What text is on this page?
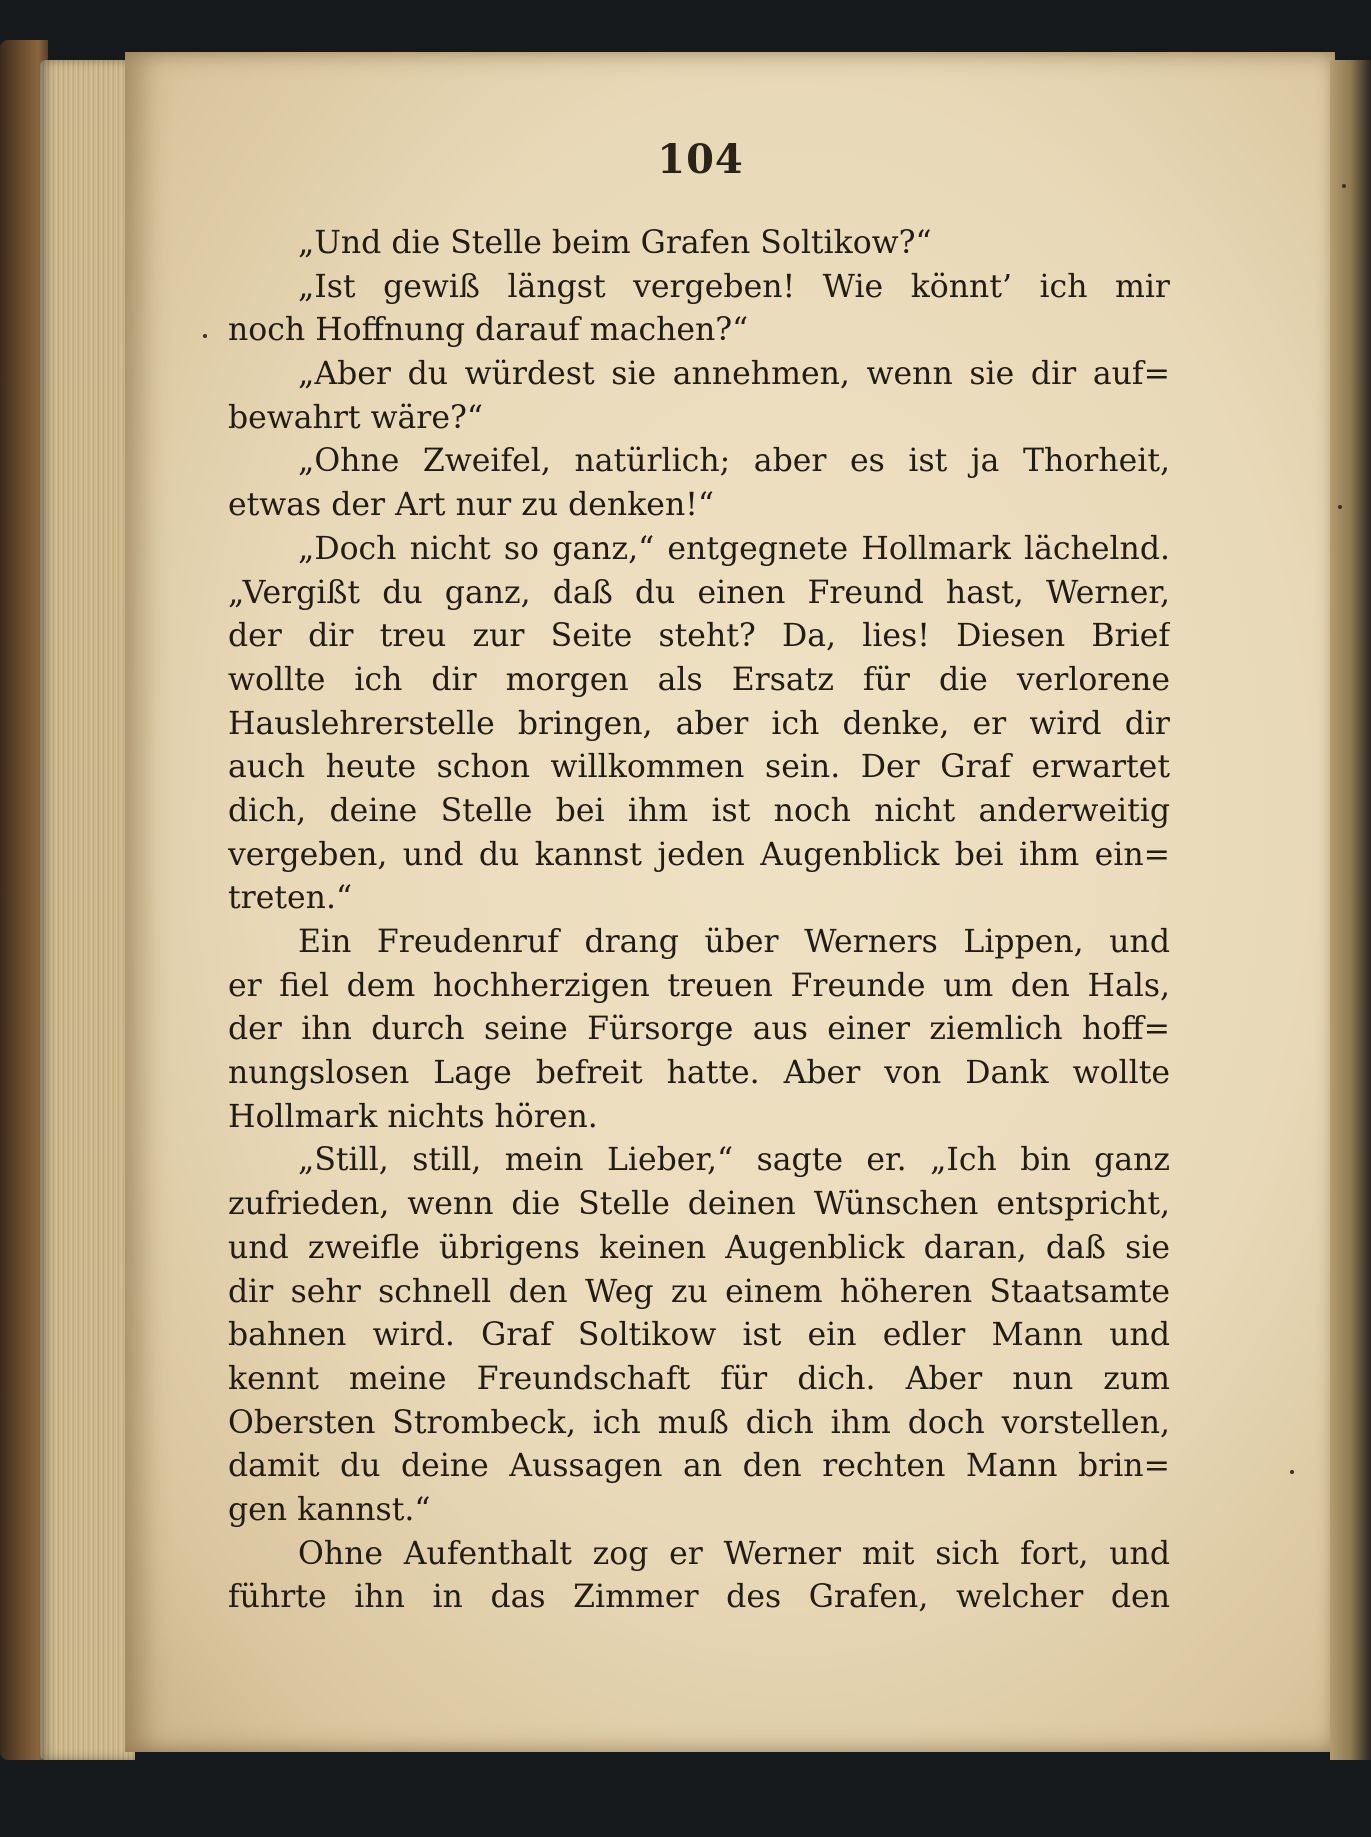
104
„Und die Stelle beim Grafen Soltikow?“
„Ist gewiß längst vergeben! Wie könnt’ ich mir
noch Hoffnung darauf machen?“
„Aber du würdest sie annehmen, wenn sie dir auf=
bewahrt wäre?“
„Ohne Zweifel, natürlich; aber es ist ja Thorheit,
etwas der Art nur zu denken!“
„Doch nicht so ganz,“ entgegnete Hollmark lächelnd.
„Vergißt du ganz, daß du einen Freund hast, Werner,
der dir treu zur Seite steht? Da, lies! Diesen Brief
wollte ich dir morgen als Ersatz für die verlorene
Hauslehrerstelle bringen, aber ich denke, er wird dir
auch heute schon willkommen sein. Der Graf erwartet
dich, deine Stelle bei ihm ist noch nicht anderweitig
vergeben, und du kannst jeden Augenblick bei ihm ein=
treten.“
Ein Freudenruf drang über Werners Lippen, und
er fiel dem hochherzigen treuen Freunde um den Hals,
der ihn durch seine Fürsorge aus einer ziemlich hoff=
nungslosen Lage befreit hatte. Aber von Dank wollte
Hollmark nichts hören.
„Still, still, mein Lieber,“ sagte er. „Ich bin ganz
zufrieden, wenn die Stelle deinen Wünschen entspricht,
und zweifle übrigens keinen Augenblick daran, daß sie
dir sehr schnell den Weg zu einem höheren Staatsamte
bahnen wird. Graf Soltikow ist ein edler Mann und
kennt meine Freundschaft für dich. Aber nun zum
Obersten Strombeck, ich muß dich ihm doch vorstellen,
damit du deine Aussagen an den rechten Mann brin=
gen kannst.“
Ohne Aufenthalt zog er Werner mit sich fort, und
führte ihn in das Zimmer des Grafen, welcher den
